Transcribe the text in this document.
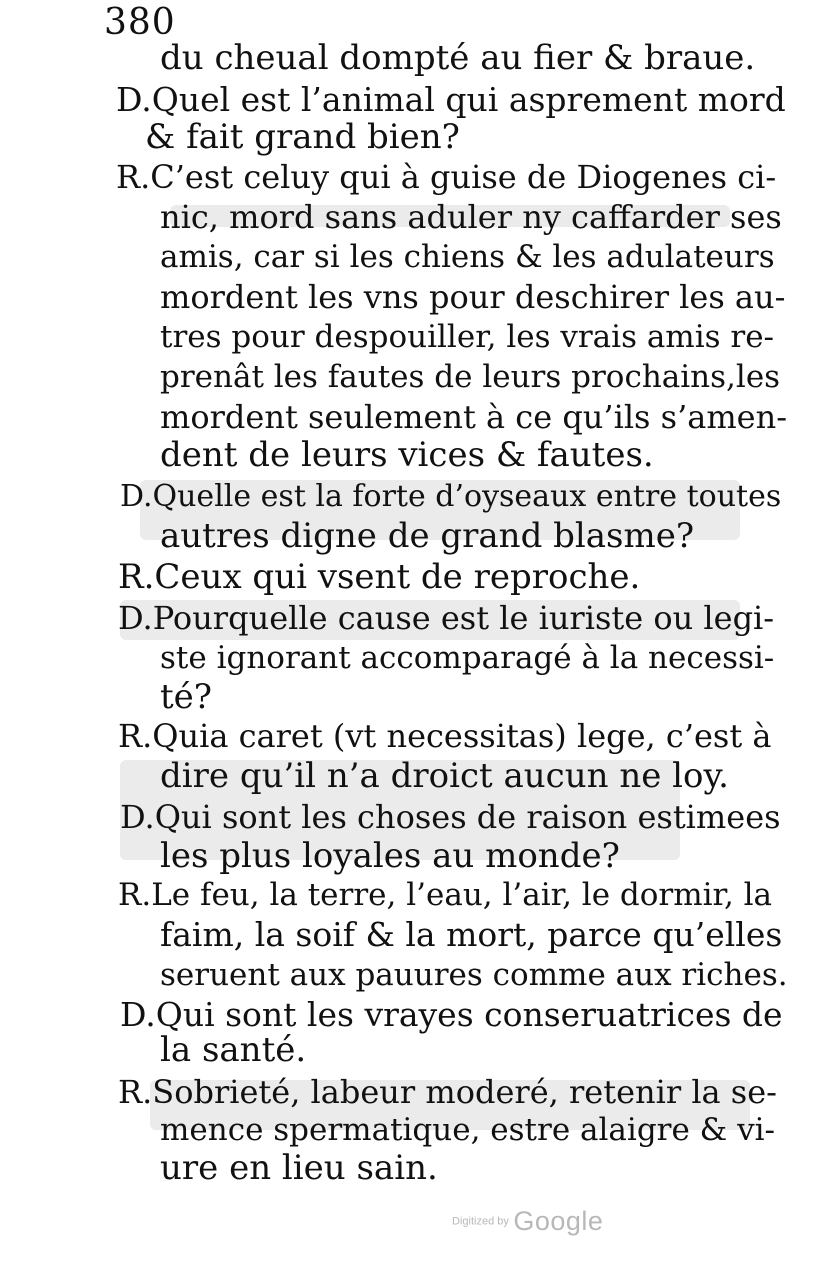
380
du cheual dompté au fier & braue.
D.Quel est l’animal qui asprement mord
& fait grand bien?
R.C’est celuy qui à guise de Diogenes ci-
nic, mord sans aduler ny caffarder ses
amis, car si les chiens & les adulateurs
mordent les vns pour deschirer les au-
tres pour despouiller, les vrais amis re-
prenât les fautes de leurs prochains,les
mordent seulement à ce qu’ils s’amen-
dent de leurs vices & fautes.
D.Quelle est la forte d’oyseaux entre toutes
autres digne de grand blasme?
R.Ceux qui vsent de reproche.
D.Pourquelle cause est le iuriste ou legi-
ste ignorant accomparagé à la necessi-
té?
R.Quia caret (vt necessitas) lege, c’est à
dire qu’il n’a droict aucun ne loy.
D.Qui sont les choses de raison estimees
les plus loyales au monde?
R.Le feu, la terre, l’eau, l’air, le dormir, la
faim, la soif & la mort, parce qu’elles
seruent aux pauures comme aux riches.
D.Qui sont les vrayes conseruatrices de
la santé.
R.Sobrieté, labeur moderé, retenir la se-
mence spermatique, estre alaigre & vi-
ure en lieu sain.
Digitized by Google
